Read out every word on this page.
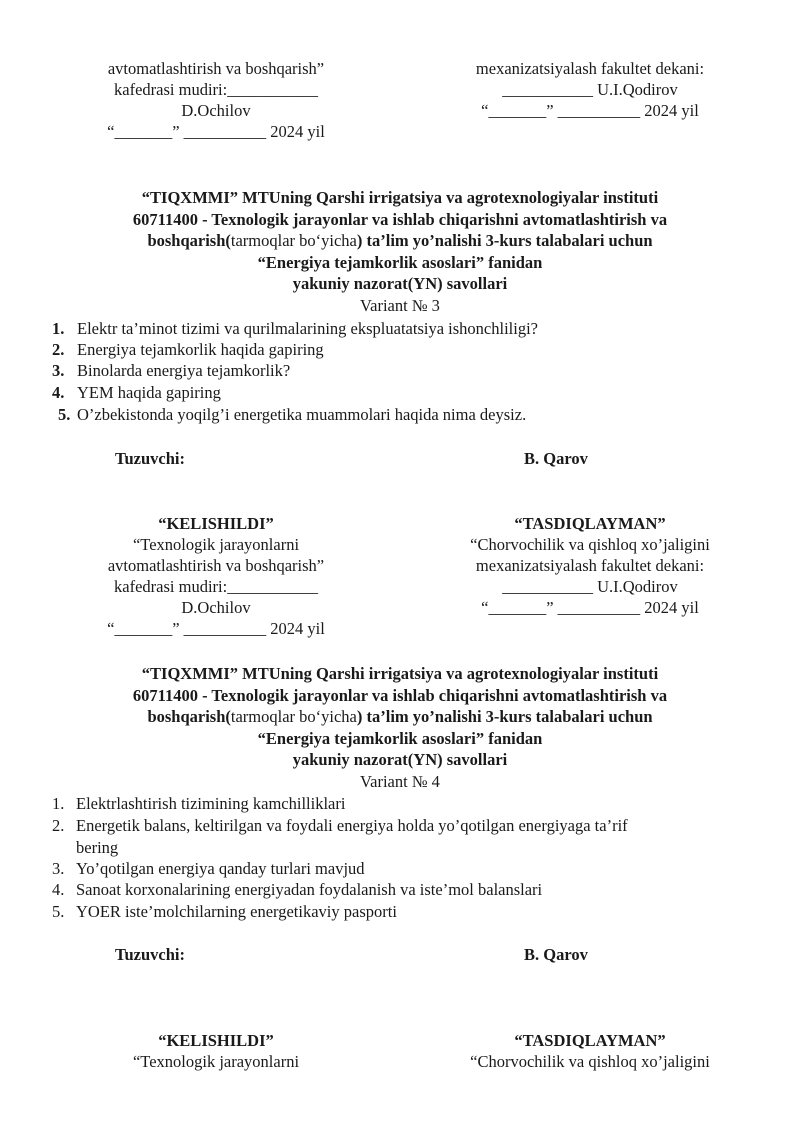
avtomatlashtirish va boshqarish”
kafedrasi mudiri:___________
D.Ochilov
“_______” __________ 2024 yil
mexanizatsiyalash fakultet dekani:
___________ U.I.Qodirov
“_______” __________ 2024 yil
“TIQXMMI” MTUning Qarshi irrigatsiya va agrotexnologiyalar instituti
60711400 - Texnologik jarayonlar va ishlab chiqarishni avtomatlashtirish va
boshqarish(tarmoqlar bo‘yicha) ta’lim yo’nalishi 3-kurs talabalari uchun
“Energiya tejamkorlik asoslari” fanidan
yakuniy nazorat(YN) savollari
Variant № 3
1. Elektr ta’minot tizimi va qurilmalarining ekspluatatsiya ishonchliligi?
2. Energiya tejamkorlik haqida gapiring
3. Binolarda energiya tejamkorlik?
4. YEM haqida gapiring
5. O’zbekistonda yoqilg’i energetika muammolari haqida nima deysiz.
Tuzuvchi:	B. Qarov
“KELISHILDI”
“Texnologik jarayonlarni
avtomatlashtirish va boshqarish”
kafedrasi mudiri:___________
D.Ochilov
“_______” __________ 2024 yil
“TASDIQLAYMAN”
“Chorvochilik va qishloq xo’jaligini
mexanizatsiyalash fakultet dekani:
___________ U.I.Qodirov
“_______” __________ 2024 yil
“TIQXMMI” MTUning Qarshi irrigatsiya va agrotexnologiyalar instituti
60711400 - Texnologik jarayonlar va ishlab chiqarishni avtomatlashtirish va
boshqarish(tarmoqlar bo‘yicha) ta’lim yo’nalishi 3-kurs talabalari uchun
“Energiya tejamkorlik asoslari” fanidan
yakuniy nazorat(YN) savollari
Variant № 4
1. Elektrlashtirish tizimining kamchilliklari
2. Energetik balans, keltirilgan va foydali energiya holda yo’qotilgan energiyaga ta’rif
bering
3. Yo’qotilgan energiya qanday turlari mavjud
4. Sanoat korxonalarining energiyadan foydalanish va iste’mol balanslari
5. YOER iste’molchilarning energetikaviy pasporti
Tuzuvchi:	B. Qarov
“KELISHILDI”
“Texnologik jarayonlarni
“TASDIQLAYMAN”
“Chorvochilik va qishloq xo’jaligini
